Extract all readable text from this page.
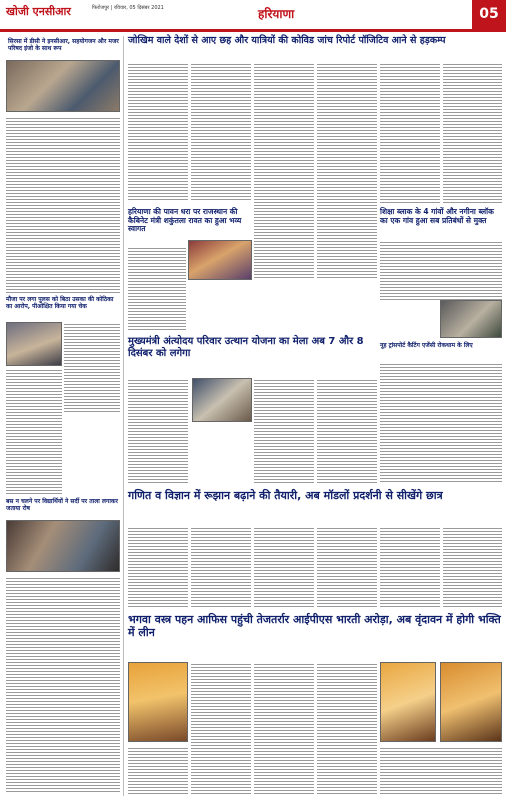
खोजी एनसीआर	फिरोजपुर | रविवार, 05 दिसंबर 2021	हरियाणा	05
सिरसा में डीसी ने इनसीआर, सहयोगजन और मजर परिषद इंजो के साथ रूप
मौजा पर लगा पुलस को बिठा उसका की कोठिका का आरोप, पीओक्षित किया गया चेक
बस न चलने पर विद्यार्थियों ने सर्दी पर ताला लगाकर जताया रोष
जोखिम वाले देशों से आए छह और यात्रियों की कोविड जांच रिपोर्ट पॉजिटिव आने से हड़कम्प
हरियाणा की पावन धरा पर राजस्थान की कैबिनेट मंत्री शकुंतला रावत का हुआ भव्य स्वागत
शिक्षा ब्लाक के 4 गांवों और नगीना ब्लॉक का एक गांव हुआ सब प्रतिबंधों से मुक्त
मुख्यमंत्री अंत्योदय परिवार उत्थान योजना का मेला अब 7 और 8 दिसंबर को लगेगा
नूह ट्रांसपोर्ट कैटिंग एजेंसी रोकथाम के लिए
गणित व विज्ञान में रूझान बढ़ाने की तैयारी, अब मॉडलों प्रदर्शनी से सीखेंगे छात्र
भगवा वस्त्र पहन आफिस पहुंची तेजतर्रार आईपीएस भारती अरोड़ा, अब वृंदावन में होगी भक्ति में लीन
